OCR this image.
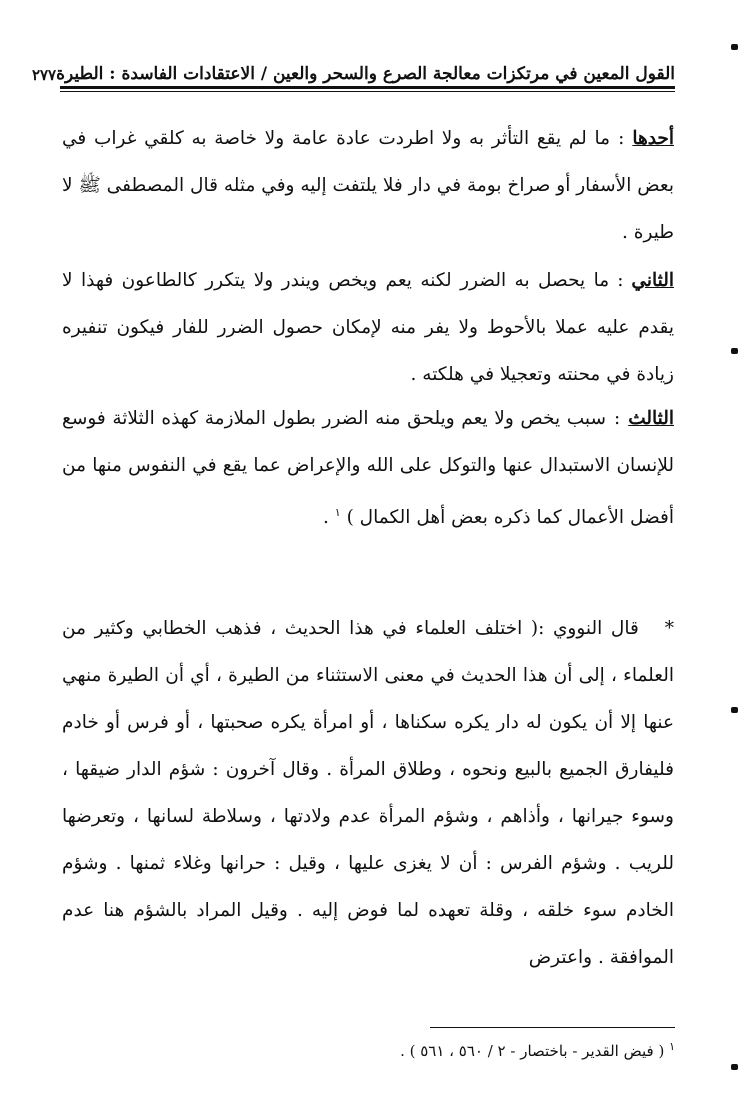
القول المعين في مرتكزات معالجة الصرع والسحر والعين / الاعتقادات الفاسدة : الطيرة
٢٧٧
أحدها:ما لم يقع التأثر به ولا اطردت عادة عامة ولا خاصة به كلقي غراب في بعض الأسفار أو صراخ بومة في دار فلا يلتفت إليه وفي مثله قال المصطفى ﷺ لا طيرة .
الثاني:ما يحصل به الضرر لكنه يعم ويخص ويندر ولا يتكرر كالطاعون فهذا لا يقدم عليه عملا بالأحوط ولا يفر منه لإمكان حصول الضرر للفار فيكون تنفيره زيادة في محنته وتعجيلا في هلكته .
الثالث:سبب يخص ولا يعم ويلحق منه الضرر بطول الملازمة كهذه الثلاثة فوسع للإنسان الاستبدال عنها والتوكل على الله والإعراض عما يقع في النفوس منها من أفضل الأعمال كما ذكره بعض أهل الكمال ) $^١$ .
*   قال النووي :( اختلف العلماء في هذا الحديث ، فذهب الخطابي وكثير من العلماء ، إلى أن هذا الحديث في معنى الاستثناء من الطيرة ، أي أن الطيرة منهي عنها إلا أن يكون له دار يكره سكناها ، أو امرأة يكره صحبتها ، أو فرس أو خادم فليفارق الجميع بالبيع ونحوه ، وطلاق المرأة . وقال آخرون : شؤم الدار ضيقها ، وسوء جيرانها ، وأذاهم ، وشؤم المرأة عدم ولادتها ، وسلاطة لسانها ، وتعرضها للريب . وشؤم الفرس : أن لا يغزى عليها ، وقيل : حرانها وغلاء ثمنها . وشؤم الخادم سوء خلقه ، وقلة تعهده لما فوض إليه . وقيل المراد بالشؤم هنا عدم الموافقة . واعترض
$^١$ ( فيض القدير - باختصار - ٢ / ٥٦٠ ، ٥٦١ ) .
